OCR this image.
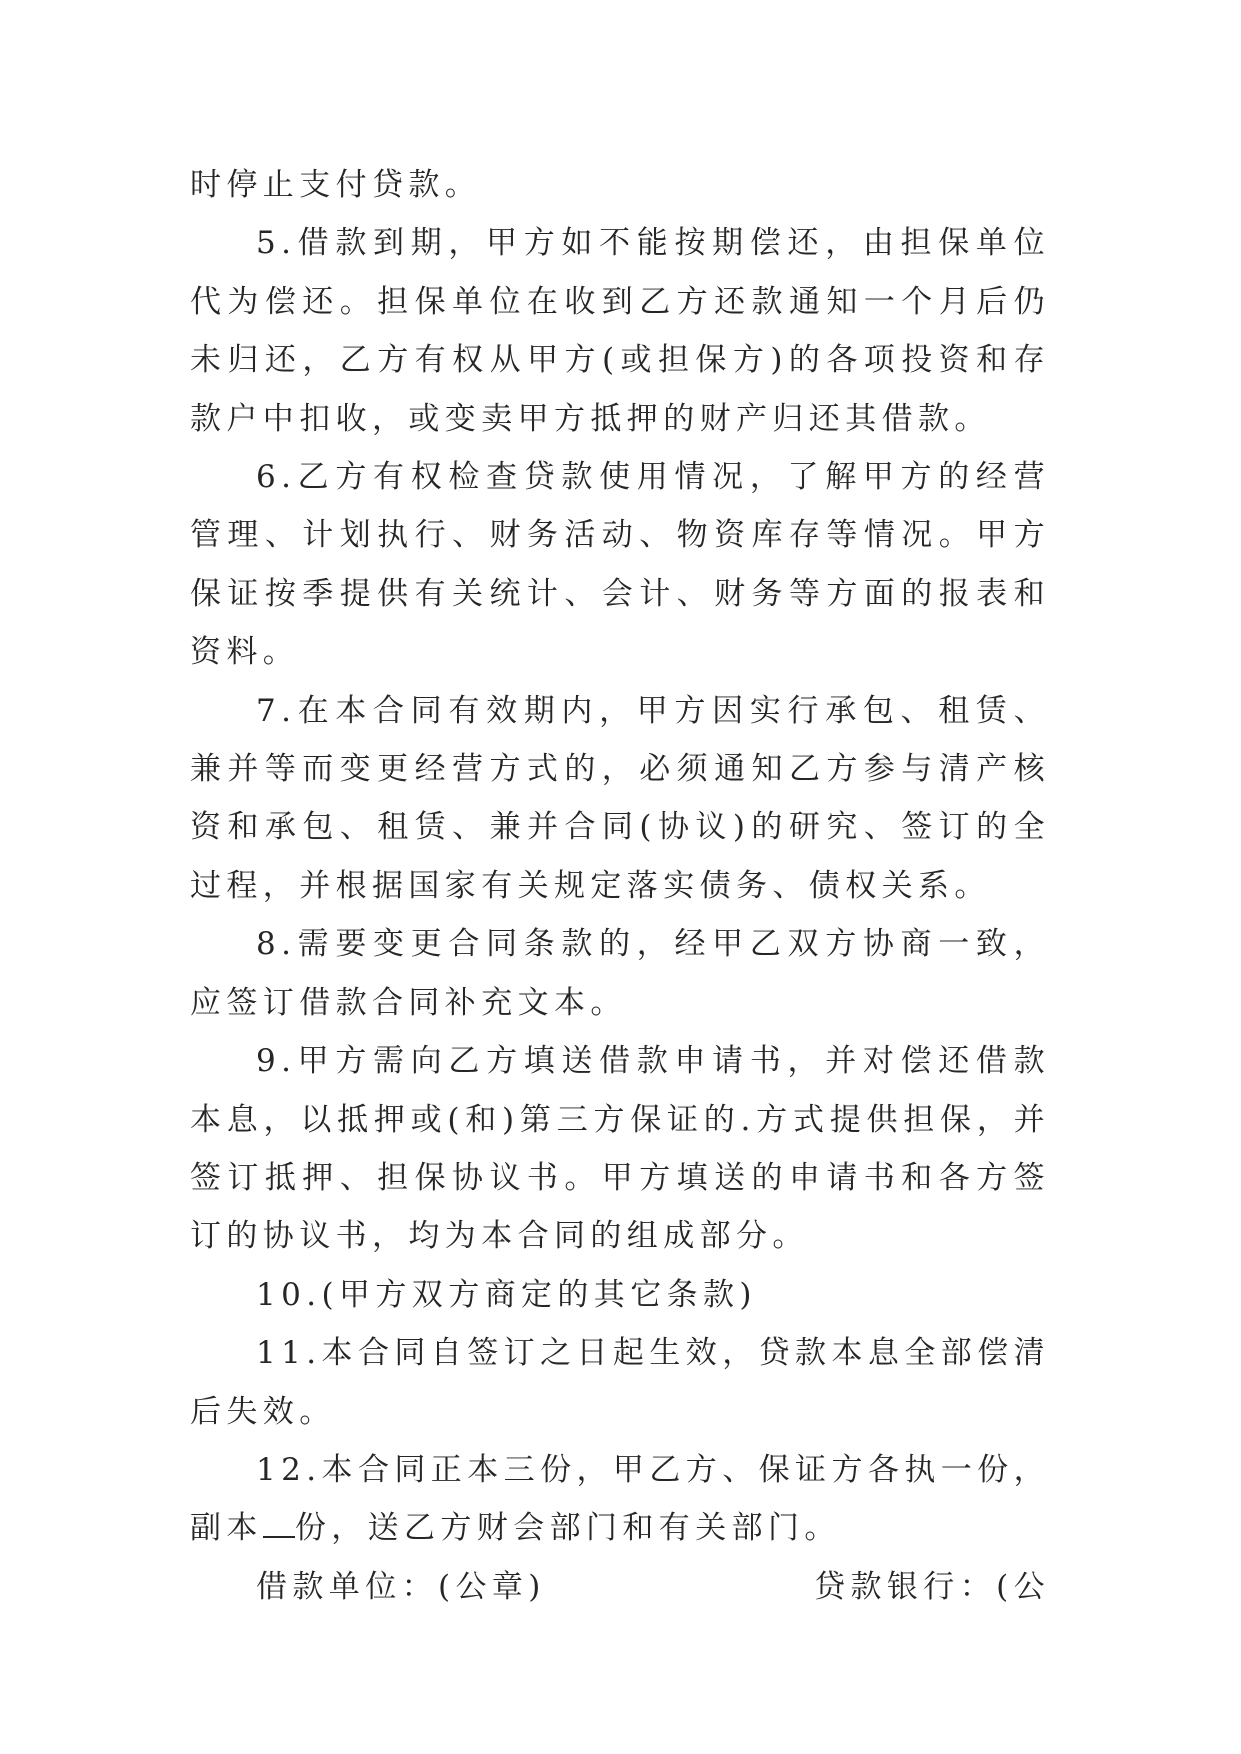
时停止支付贷款。

5.借款到期，甲方如不能按期偿还，由担保单位代为偿还。担保单位在收到乙方还款通知一个月后仍未归还，乙方有权从甲方(或担保方)的各项投资和存款户中扣收，或变卖甲方抵押的财产归还其借款。

6.乙方有权检查贷款使用情况，了解甲方的经营管理、计划执行、财务活动、物资库存等情况。甲方保证按季提供有关统计、会计、财务等方面的报表和资料。

7.在本合同有效期内，甲方因实行承包、租赁、兼并等而变更经营方式的，必须通知乙方参与清产核资和承包、租赁、兼并合同(协议)的研究、签订的全过程，并根据国家有关规定落实债务、债权关系。

8.需要变更合同条款的，经甲乙双方协商一致，应签订借款合同补充文本。

9.甲方需向乙方填送借款申请书，并对偿还借款本息，以抵押或(和)第三方保证的.方式提供担保，并签订抵押、担保协议书。甲方填送的申请书和各方签订的协议书，均为本合同的组成部分。

10.(甲方双方商定的其它条款)

11.本合同自签订之日起生效，贷款本息全部偿清后失效。

12.本合同正本三份，甲乙方、保证方各执一份，副本 份，送乙方财会部门和有关部门。

借款单位：(公章)	贷款银行：(公
